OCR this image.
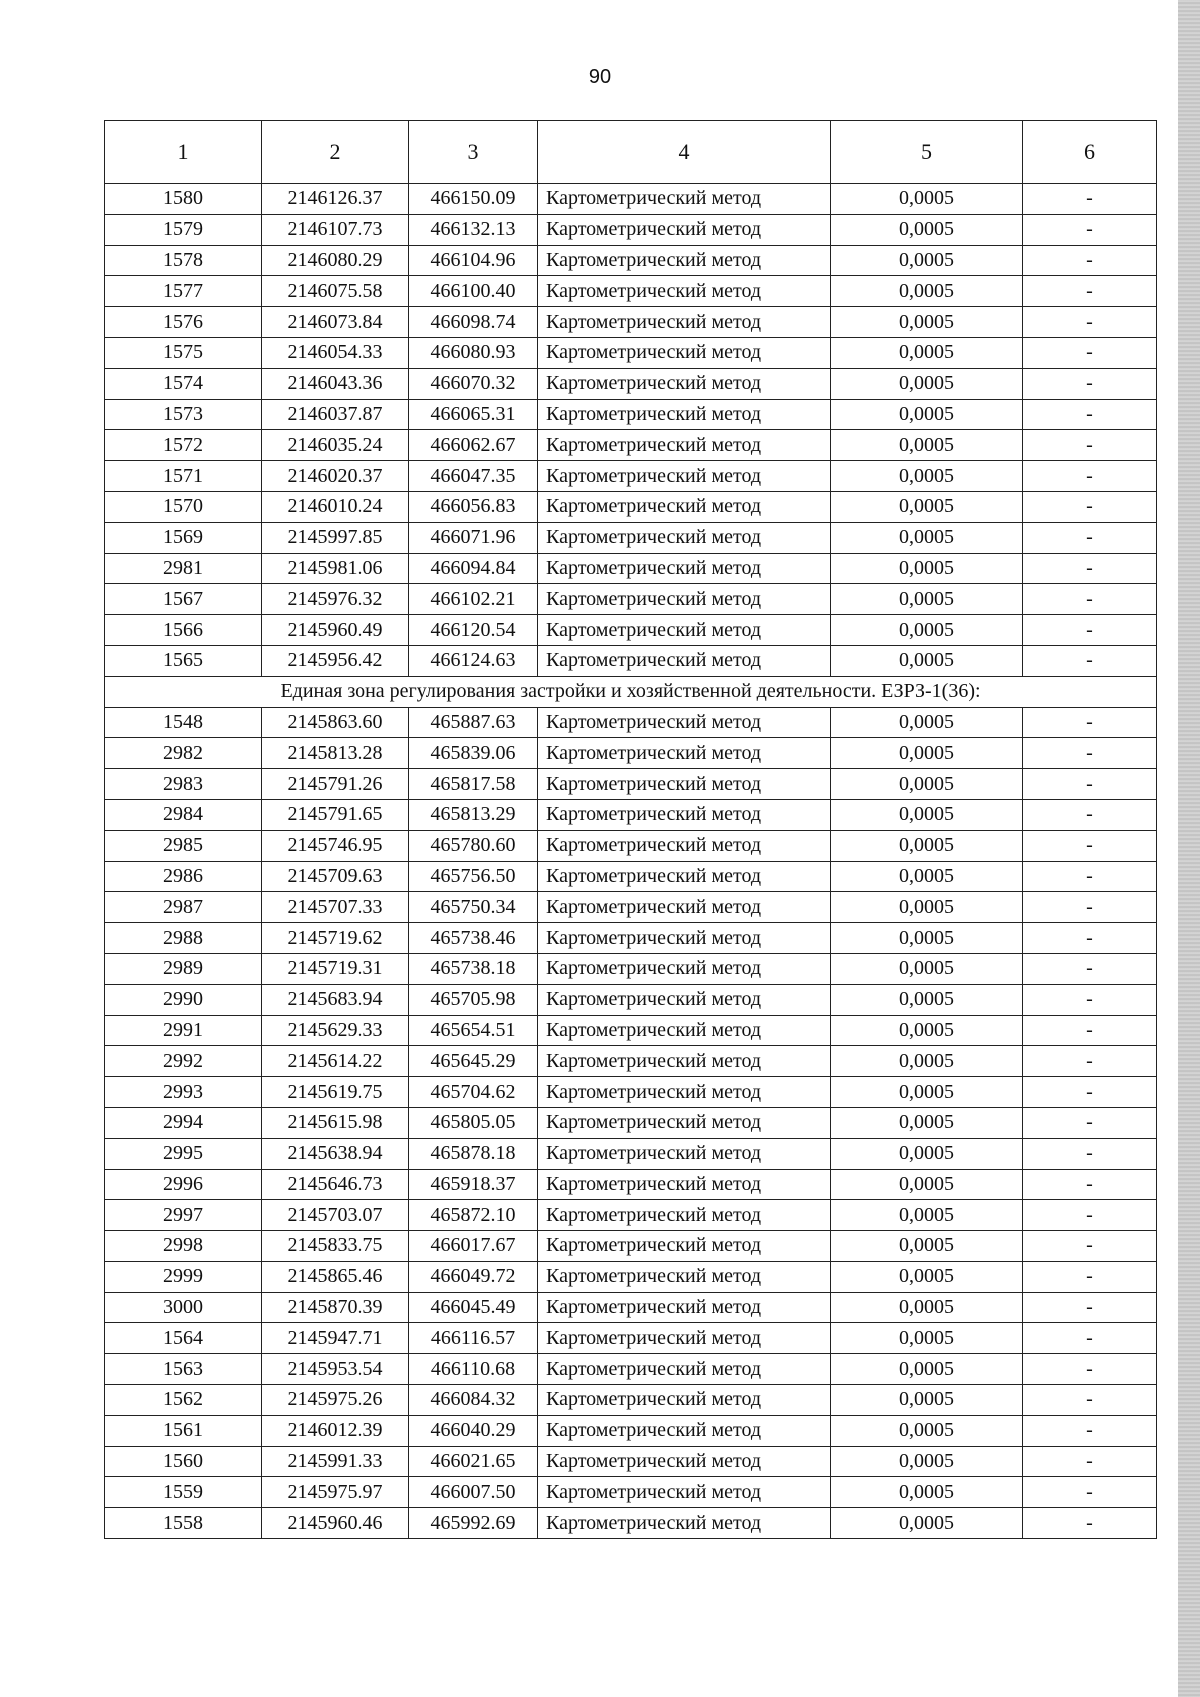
90
1	2	3	4	5	6
1580	2146126.37	466150.09	Картометрический метод	0,0005	-
1579	2146107.73	466132.13	Картометрический метод	0,0005	-
1578	2146080.29	466104.96	Картометрический метод	0,0005	-
1577	2146075.58	466100.40	Картометрический метод	0,0005	-
1576	2146073.84	466098.74	Картометрический метод	0,0005	-
1575	2146054.33	466080.93	Картометрический метод	0,0005	-
1574	2146043.36	466070.32	Картометрический метод	0,0005	-
1573	2146037.87	466065.31	Картометрический метод	0,0005	-
1572	2146035.24	466062.67	Картометрический метод	0,0005	-
1571	2146020.37	466047.35	Картометрический метод	0,0005	-
1570	2146010.24	466056.83	Картометрический метод	0,0005	-
1569	2145997.85	466071.96	Картометрический метод	0,0005	-
2981	2145981.06	466094.84	Картометрический метод	0,0005	-
1567	2145976.32	466102.21	Картометрический метод	0,0005	-
1566	2145960.49	466120.54	Картометрический метод	0,0005	-
1565	2145956.42	466124.63	Картометрический метод	0,0005	-
Единая зона регулирования застройки и хозяйственной деятельности. ЕЗРЗ-1(36):					
1548	2145863.60	465887.63	Картометрический метод	0,0005	-
2982	2145813.28	465839.06	Картометрический метод	0,0005	-
2983	2145791.26	465817.58	Картометрический метод	0,0005	-
2984	2145791.65	465813.29	Картометрический метод	0,0005	-
2985	2145746.95	465780.60	Картометрический метод	0,0005	-
2986	2145709.63	465756.50	Картометрический метод	0,0005	-
2987	2145707.33	465750.34	Картометрический метод	0,0005	-
2988	2145719.62	465738.46	Картометрический метод	0,0005	-
2989	2145719.31	465738.18	Картометрический метод	0,0005	-
2990	2145683.94	465705.98	Картометрический метод	0,0005	-
2991	2145629.33	465654.51	Картометрический метод	0,0005	-
2992	2145614.22	465645.29	Картометрический метод	0,0005	-
2993	2145619.75	465704.62	Картометрический метод	0,0005	-
2994	2145615.98	465805.05	Картометрический метод	0,0005	-
2995	2145638.94	465878.18	Картометрический метод	0,0005	-
2996	2145646.73	465918.37	Картометрический метод	0,0005	-
2997	2145703.07	465872.10	Картометрический метод	0,0005	-
2998	2145833.75	466017.67	Картометрический метод	0,0005	-
2999	2145865.46	466049.72	Картометрический метод	0,0005	-
3000	2145870.39	466045.49	Картометрический метод	0,0005	-
1564	2145947.71	466116.57	Картометрический метод	0,0005	-
1563	2145953.54	466110.68	Картометрический метод	0,0005	-
1562	2145975.26	466084.32	Картометрический метод	0,0005	-
1561	2146012.39	466040.29	Картометрический метод	0,0005	-
1560	2145991.33	466021.65	Картометрический метод	0,0005	-
1559	2145975.97	466007.50	Картометрический метод	0,0005	-
1558	2145960.46	465992.69	Картометрический метод	0,0005	-
